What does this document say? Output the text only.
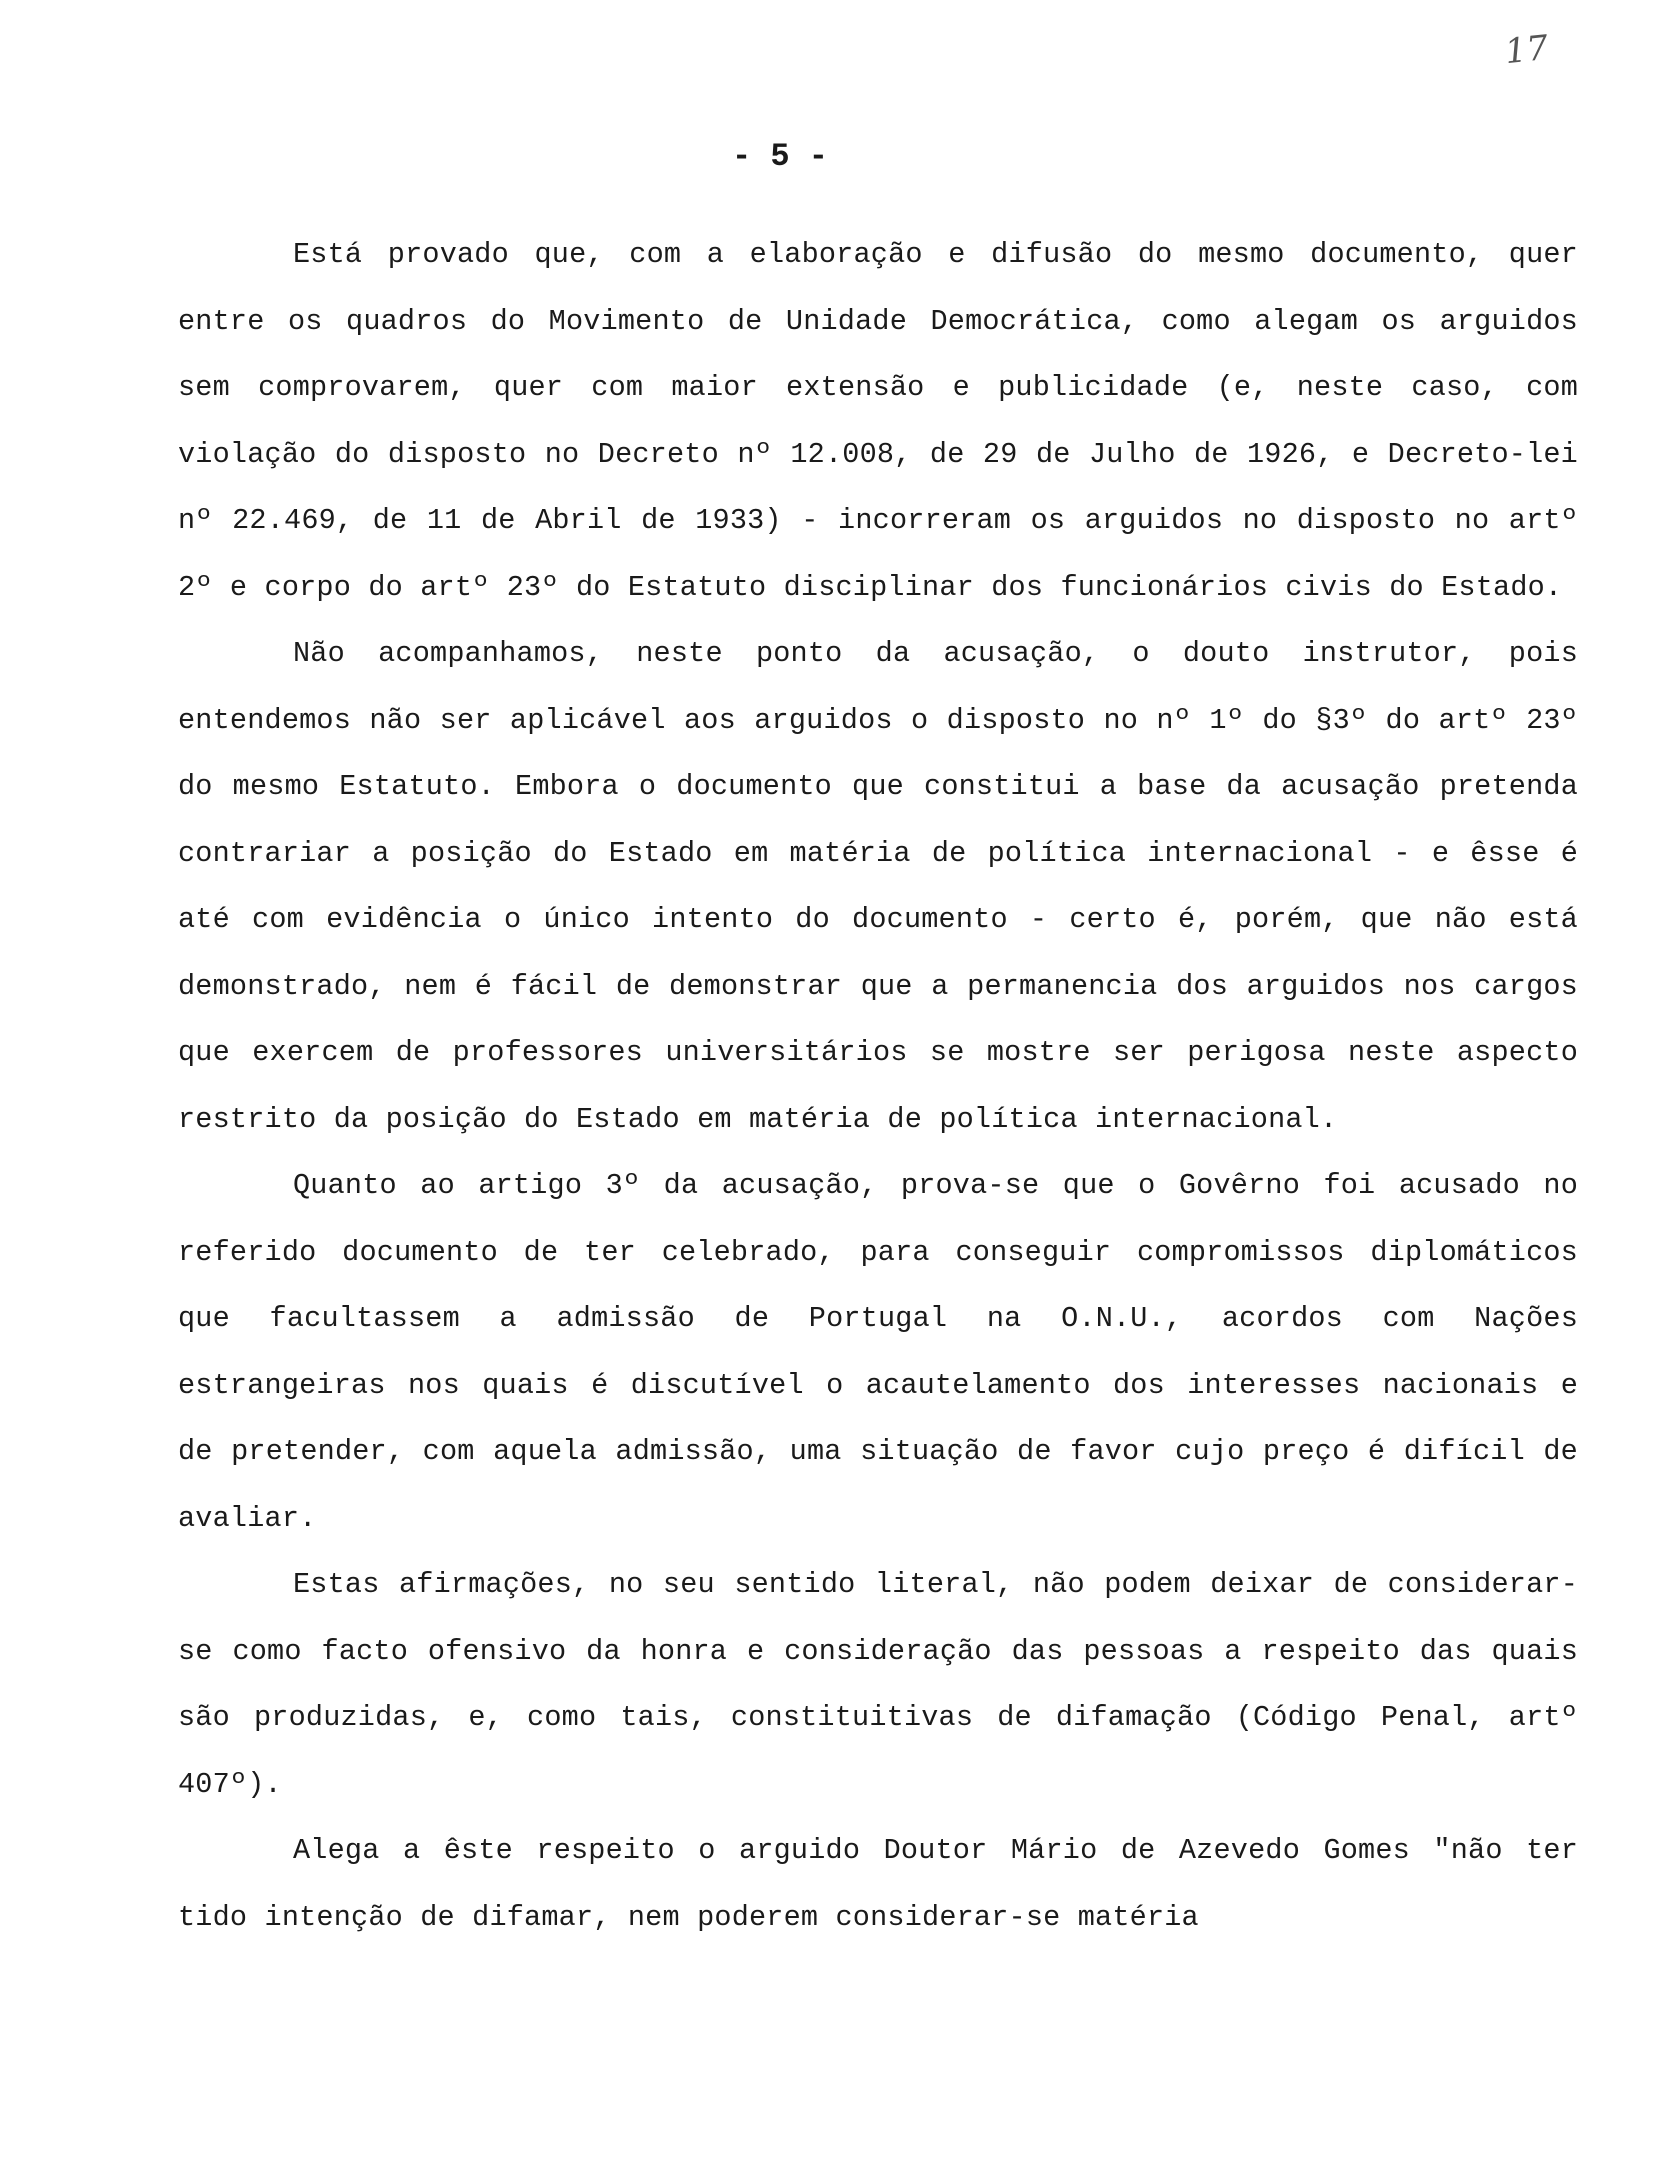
17
- 5 -

Está provado que, com a elaboração e difusão do mesmo documento, quer entre os quadros do Movimento de Unidade Democrática, como alegam os arguidos sem comprovarem, quer com maior extensão e publicidade (e, neste caso, com violação do disposto no Decreto nº 12.008, de 29 de Julho de 1926, e Decreto-lei nº 22.469, de 11 de Abril de 1933) - incorreram os arguidos no disposto no artº 2º e corpo do artº 23º do Estatuto disciplinar dos funcionários civis do Estado.

Não acompanhamos, neste ponto da acusação, o douto instrutor, pois entendemos não ser aplicável aos arguidos o disposto no nº 1º do §3º do artº 23º do mesmo Estatuto. Embora o documento que constitui a base da acusação pretenda contrariar a posição do Estado em matéria de política internacional - e êsse é até com evidência o único intento do documento - certo é, porém, que não está demonstrado, nem é fácil de demonstrar que a permanencia dos arguidos nos cargos que exercem de professores universitários se mostre ser perigosa neste aspecto restrito da posição do Estado em matéria de política internacional.

Quanto ao artigo 3º da acusação, prova-se que o Govêrno foi acusado no referido documento de ter celebrado, para conseguir compromissos diplomáticos que facultassem a admissão de Portugal na O.N.U., acordos com Nações estrangeiras nos quais é discutível o acautelamento dos interesses nacionais e de pretender, com aquela admissão, uma situação de favor cujo preço é difícil de avaliar.

Estas afirmações, no seu sentido literal, não podem deixar de considerar-se como facto ofensivo da honra e consideração das pessoas a respeito das quais são produzidas, e, como tais, constituitivas de difamação (Código Penal, artº 407º).

Alega a êste respeito o arguido Doutor Mário de Azevedo Gomes "não ter tido intenção de difamar, nem poderem considerar-se matéria
